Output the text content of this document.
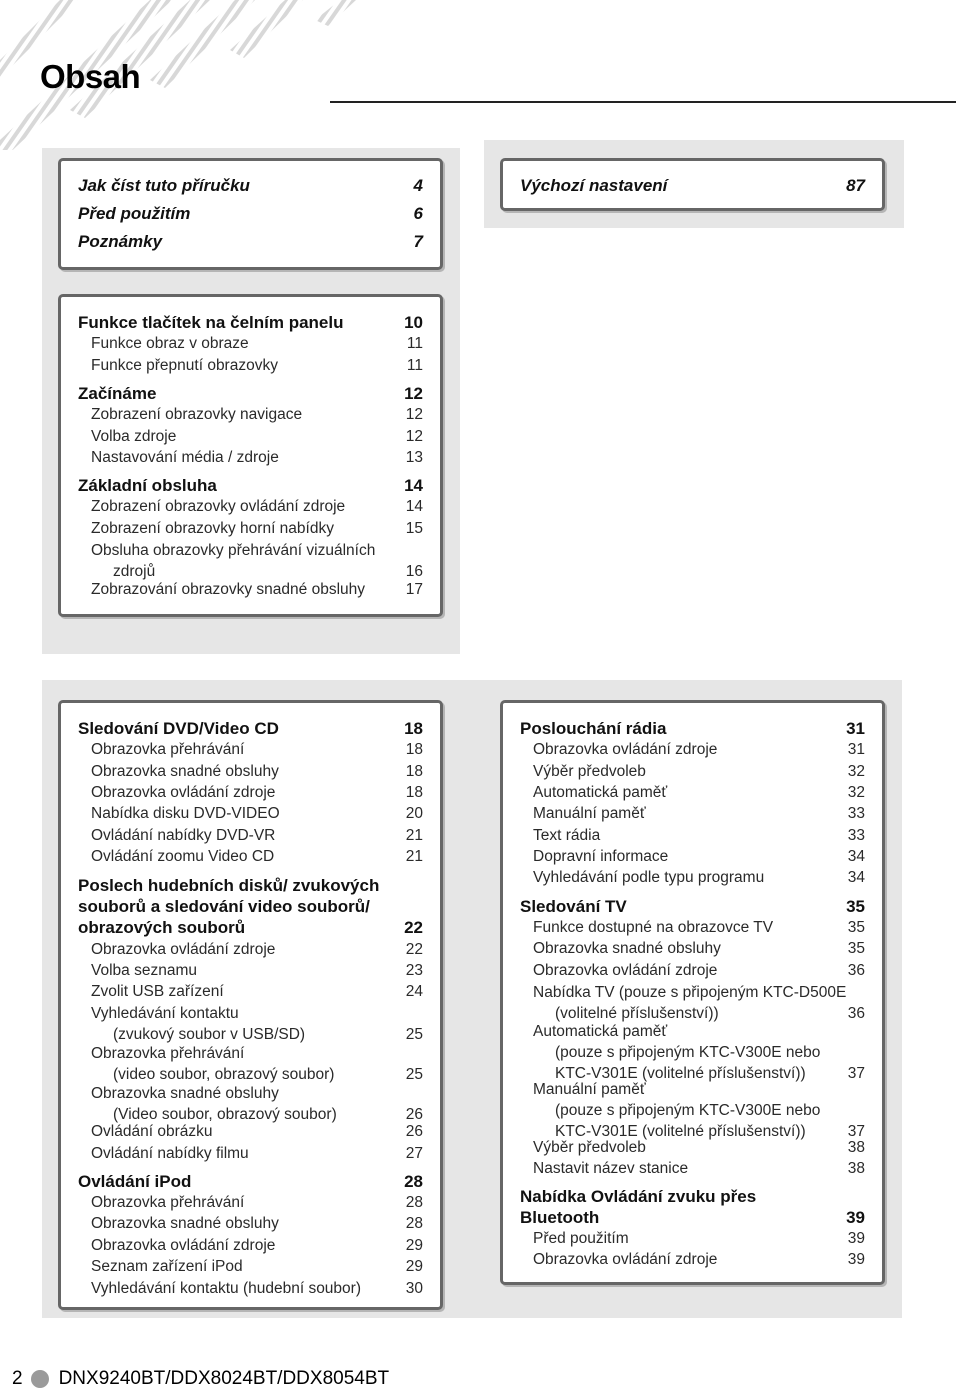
Obsah
Jak číst tuto příručku	4
Před použitím	6
Poznámky	7
Výchozí nastavení	87
Funkce tlačítek na čelním panelu	10
Funkce obraz v obraze	11
Funkce přepnutí obrazovky	11
Začínáme	12
Zobrazení obrazovky navigace	12
Volba zdroje	12
Nastavování média / zdroje	13
Základní obsluha	14
Zobrazení obrazovky ovládání zdroje	14
Zobrazení obrazovky horní nabídky	15
Obsluha obrazovky přehrávání vizuálních
zdrojů	16
Zobrazování obrazovky snadné obsluhy	17
Sledování DVD/Video CD	18
Obrazovka přehrávání	18
Obrazovka snadné obsluhy	18
Obrazovka ovládání zdroje	18
Nabídka disku DVD-VIDEO	20
Ovládání nabídky DVD-VR	21
Ovládání zoomu Video CD	21
Poslech hudebních disků/ zvukových
souborů a sledování video souborů/
obrazových souborů	22
Obrazovka ovládání zdroje	22
Volba seznamu	23
Zvolit USB zařízení	24
Vyhledávání kontaktu
(zvukový soubor v USB/SD)	25
Obrazovka přehrávání
(video soubor, obrazový soubor)	25
Obrazovka snadné obsluhy
(Video soubor, obrazový soubor)	26
Ovládání obrázku	26
Ovládání nabídky filmu	27
Ovládání iPod	28
Obrazovka přehrávání	28
Obrazovka snadné obsluhy	28
Obrazovka ovládání zdroje	29
Seznam zařízení iPod	29
Vyhledávání kontaktu (hudební soubor)	30
Poslouchání rádia	31
Obrazovka ovládání zdroje	31
Výběr předvoleb	32
Automatická paměť	32
Manuální paměť	33
Text rádia	33
Dopravní informace	34
Vyhledávání podle typu programu	34
Sledování TV	35
Funkce dostupné na obrazovce TV	35
Obrazovka snadné obsluhy	35
Obrazovka ovládání zdroje	36
Nabídka TV (pouze s připojeným KTC-D500E
(volitelné příslušenství))	36
Automatická paměť
(pouze s připojeným KTC-V300E nebo
KTC-V301E (volitelné příslušenství))	37
Manuální paměť
(pouze s připojeným KTC-V300E nebo
KTC-V301E (volitelné příslušenství))	37
Výběr předvoleb	38
Nastavit název stanice	38
Nabídka Ovládání zvuku přes
Bluetooth	39
Před použitím	39
Obrazovka ovládání zdroje	39
2 DNX9240BT/DDX8024BT/DDX8054BT
